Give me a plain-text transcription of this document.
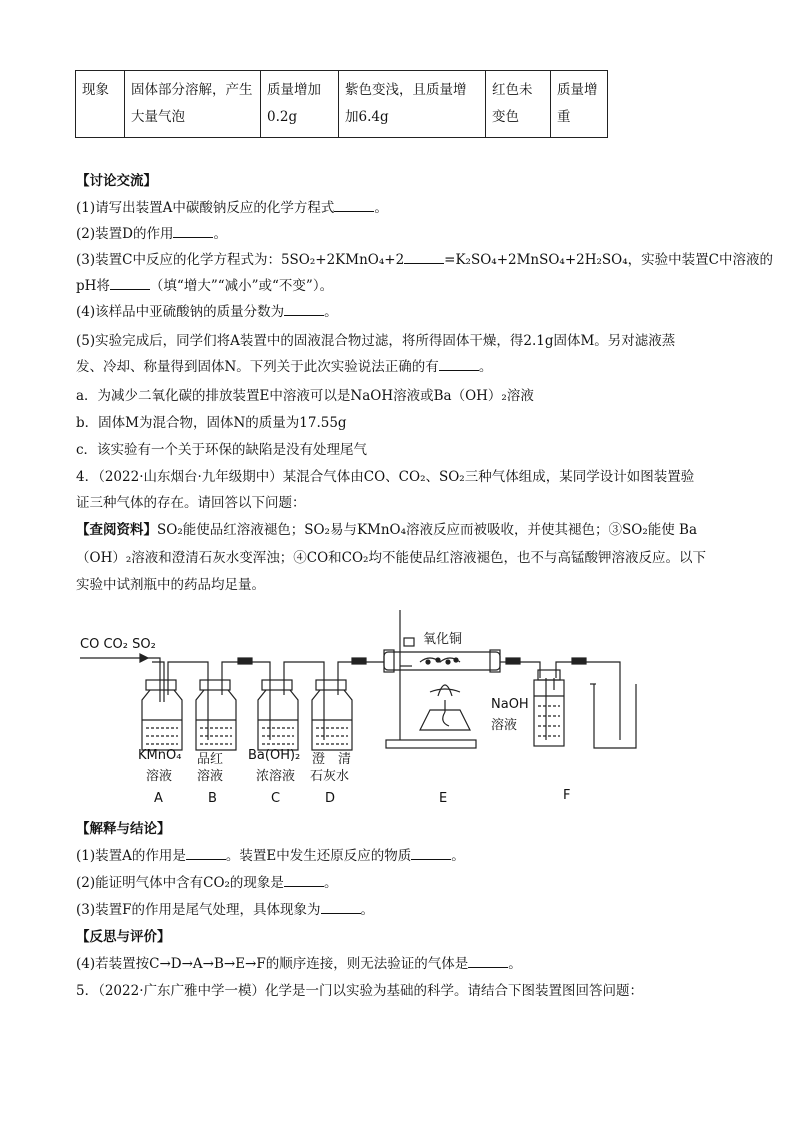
现象	固体部分溶解，产生大量气泡	质量增加0.2g	紫色变浅，且质量增加6.4g	红色未变色	质量增重
【讨论交流】
(1)请写出装置A中碳酸钠反应的化学方程式	。
(2)装置D的作用	。
(3)装置C中反应的化学方程式为：5SO₂+2KMnO₄+2	=K₂SO₄+2MnSO₄+2H₂SO₄，实验中装置C中溶液的
pH将	（填“增大”“减小”或“不变”）。
(4)该样品中亚硫酸钠的质量分数为	。
(5)实验完成后，同学们将A装置中的固液混合物过滤，将所得固体干燥，得2.1g固体M。另对滤液蒸
发、冷却、称量得到固体N。下列关于此次实验说法正确的有	。
a．为减少二氧化碳的排放装置E中溶液可以是NaOH溶液或Ba（OH）₂溶液
b．固体M为混合物，固体N的质量为17.55g
c．该实验有一个关于环保的缺陷是没有处理尾气
4．（2022·山东烟台·九年级期中）某混合气体由CO、CO₂、SO₂三种气体组成，某同学设计如图装置验
证三种气体的存在。请回答以下问题：
【查阅资料】SO₂能使品红溶液褪色；SO₂易与KMnO₄溶液反应而被吸收，并使其褪色；③SO₂能使 Ba
（OH）₂溶液和澄清石灰水变浑浊；④CO和CO₂均不能使品红溶液褪色，也不与高锰酸钾溶液反应。以下
实验中试剂瓶中的药品均足量。
CO CO₂ SO₂	氧化铜
NaOH
溶液
KMnO₄
溶液
品红
溶液
Ba(OH)₂
浓溶液
澄　清
石灰水
A	B	C	D	E	F
【解释与结论】
(1)装置A的作用是	。装置E中发生还原反应的物质	。
(2)能证明气体中含有CO₂的现象是	。
(3)装置F的作用是尾气处理，具体现象为	。
【反思与评价】
(4)若装置按C→D→A→B→E→F的顺序连接，则无法验证的气体是	。
5．（2022·广东广雅中学一模）化学是一门以实验为基础的科学。请结合下图装置图回答问题：
